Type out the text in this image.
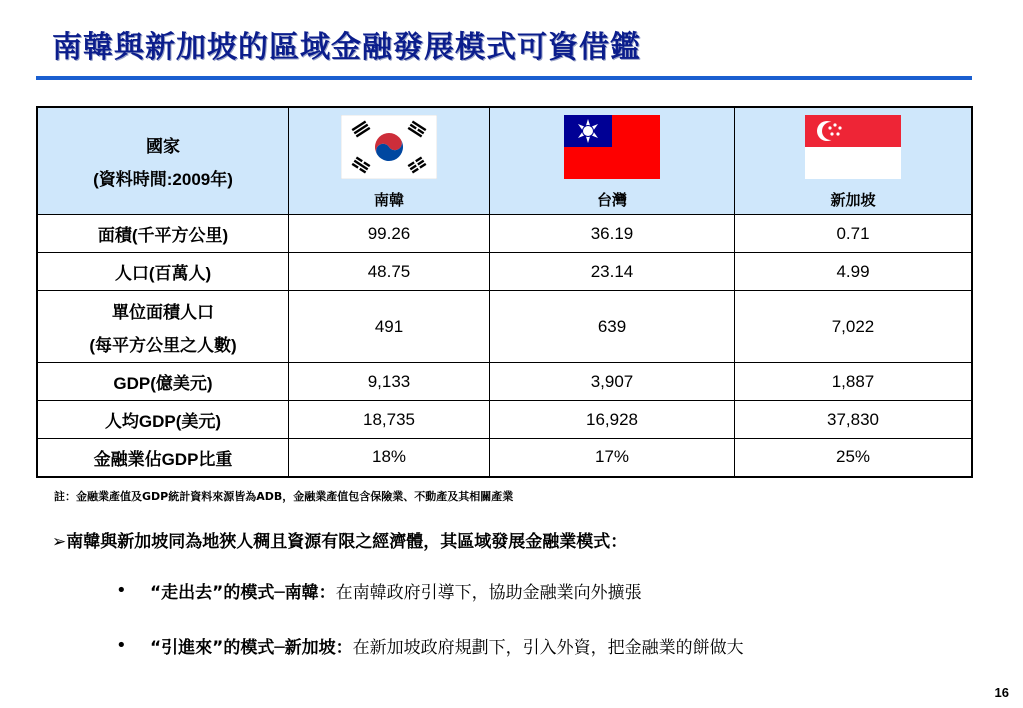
南韓與新加坡的區域金融發展模式可資借鑑
國家
(資料時間:2009年)	南韓	台灣	新加坡

面積(千平方公里)	99.26	36.19	0.71
人口(百萬人)	48.75	23.14	4.99

單位面積人口
(每平方公里之人數)	491	639	7,022
GDP(億美元)	9,133	3,907	1,887
人均GDP(美元)	18,735	16,928	37,830
金融業佔GDP比重	18%	17%	25%
註：金融業產值及GDP統計資料來源皆為ADB，金融業產值包含保險業、不動產及其相關產業
➢南韓與新加坡同為地狹人稠且資源有限之經濟體，其區域發展金融業模式：
• “走出去”的模式─南韓：在南韓政府引導下，協助金融業向外擴張
• “引進來”的模式─新加坡：在新加坡政府規劃下，引入外資，把金融業的餅做大
16
